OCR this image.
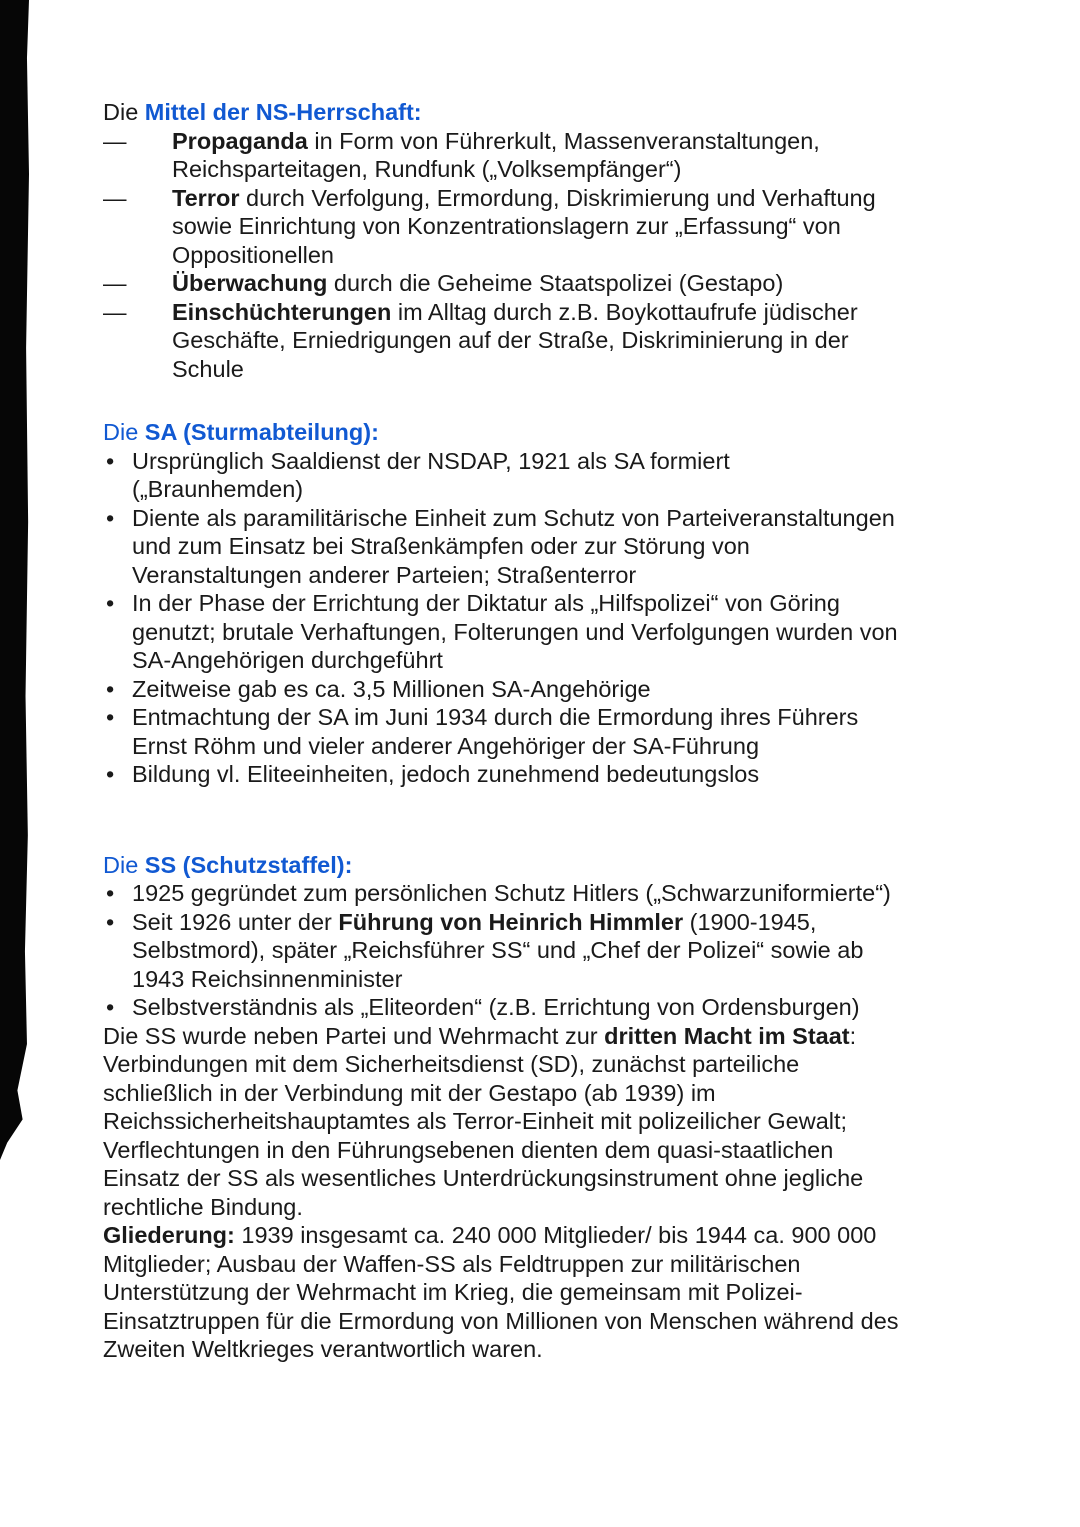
Die Mittel der NS-Herrschaft:
—	Propaganda in Form von Führerkult, Massenveranstaltungen,
Reichsparteitagen, Rundfunk („Volksempfänger“)
—	Terror durch Verfolgung, Ermordung, Diskrimierung und Verhaftung
sowie Einrichtung von Konzentrationslagern zur „Erfassung“ von
Oppositionellen
—	Überwachung durch die Geheime Staatspolizei (Gestapo)
—	Einschüchterungen im Alltag durch z.B. Boykottaufrufe jüdischer
Geschäfte, Erniedrigungen auf der Straße, Diskriminierung in der
Schule
Die SA (Sturmabteilung):
• Ursprünglich Saaldienst der NSDAP, 1921 als SA formiert
(„Braunhemden)
• Diente als paramilitärische Einheit zum Schutz von Parteiveranstaltungen
und zum Einsatz bei Straßenkämpfen oder zur Störung von
Veranstaltungen anderer Parteien; Straßenterror
• In der Phase der Errichtung der Diktatur als „Hilfspolizei“ von Göring
genutzt; brutale Verhaftungen, Folterungen und Verfolgungen wurden von
SA-Angehörigen durchgeführt
• Zeitweise gab es ca. 3,5 Millionen SA-Angehörige
• Entmachtung der SA im Juni 1934 durch die Ermordung ihres Führers
Ernst Röhm und vieler anderer Angehöriger der SA-Führung
• Bildung vl. Eliteeinheiten, jedoch zunehmend bedeutungslos
Die SS (Schutzstaffel):
• 1925 gegründet zum persönlichen Schutz Hitlers („Schwarzuniformierte“)
• Seit 1926 unter der Führung von Heinrich Himmler (1900-1945,
Selbstmord), später „Reichsführer SS“ und „Chef der Polizei“ sowie ab
1943 Reichsinnenminister
• Selbstverständnis als „Eliteorden“ (z.B. Errichtung von Ordensburgen)
Die SS wurde neben Partei und Wehrmacht zur dritten Macht im Staat:
Verbindungen mit dem Sicherheitsdienst (SD), zunächst parteiliche
schließlich in der Verbindung mit der Gestapo (ab 1939) im
Reichssicherheitshauptamtes als Terror-Einheit mit polizeilicher Gewalt;
Verflechtungen in den Führungsebenen dienten dem quasi-staatlichen
Einsatz der SS als wesentliches Unterdrückungsinstrument ohne jegliche
rechtliche Bindung.
Gliederung: 1939 insgesamt ca. 240 000 Mitglieder/ bis 1944 ca. 900 000
Mitglieder; Ausbau der Waffen-SS als Feldtruppen zur militärischen
Unterstützung der Wehrmacht im Krieg, die gemeinsam mit Polizei-
Einsatztruppen für die Ermordung von Millionen von Menschen während des
Zweiten Weltkrieges verantwortlich waren.
